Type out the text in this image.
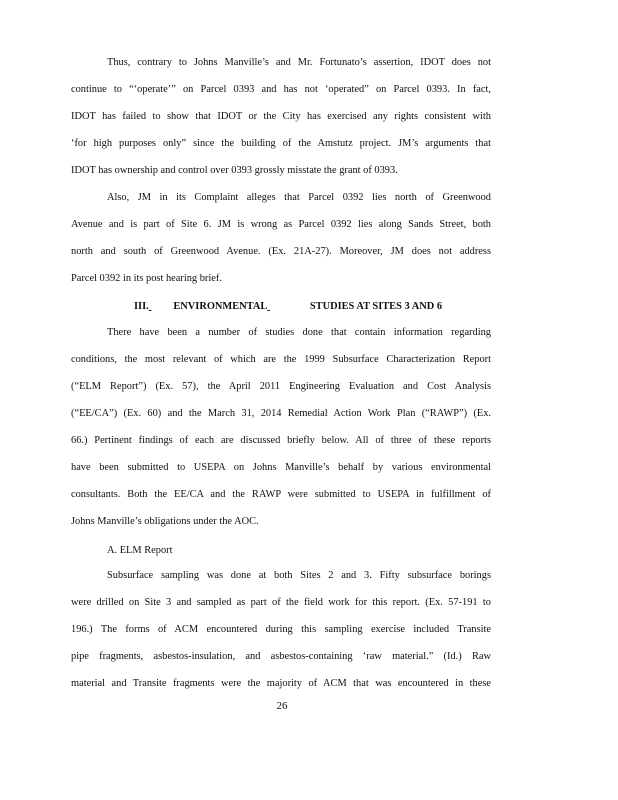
Thus, contrary to Johns Manville’s and Mr. Fortunato’s assertion, IDOT does not
continue to “‘operate’” on Parcel 0393 and has not ‘operated” on Parcel 0393. In fact,
IDOT has failed to show that IDOT or the City has exercised any rights consistent with
‘for high purposes only” since the building of the Amstutz project. JM’s arguments that
IDOT has ownership and control over 0393 grossly misstate the grant of 0393.
Also, JM in its Complaint alleges that Parcel 0392 lies north of Greenwood
Avenue and is part of Site 6. JM is wrong as Parcel 0392 lies along Sands Street, both
north and south of Greenwood Avenue. (Ex. 21A-27). Moreover, JM does not address
Parcel 0392 in its post hearing brief.
III. ENVIRONMENTAL	STUDIES AT SITES 3 AND 6
There have been a number of studies done that contain information regarding
conditions, the most relevant of which are the 1999 Subsurface Characterization Report
(“ELM Report”) (Ex. 57), the April 2011 Engineering Evaluation and Cost Analysis
(“EE/CA”) (Ex. 60) and the March 31, 2014 Remedial Action Work Plan (“RAWP”) (Ex.
66.) Pertinent findings of each are discussed briefly below. All of three of these reports
have been submitted to USEPA on Johns Manville’s behalf by various environmental
consultants. Both the EE/CA and the RAWP were submitted to USEPA in fulfillment of
Johns Manville’s obligations under the AOC.
A. ELM Report
Subsurface sampling was done at both Sites 2 and 3. Fifty subsurface borings
were drilled on Site 3 and sampled as part of the field work for this report. (Ex. 57-191 to
196.) The forms of ACM encountered during this sampling exercise included Transite
pipe fragments, asbestos-insulation, and asbestos-containing ‘raw material.” (Id.) Raw
material and Transite fragments were the majority of ACM that was encountered in these
26
